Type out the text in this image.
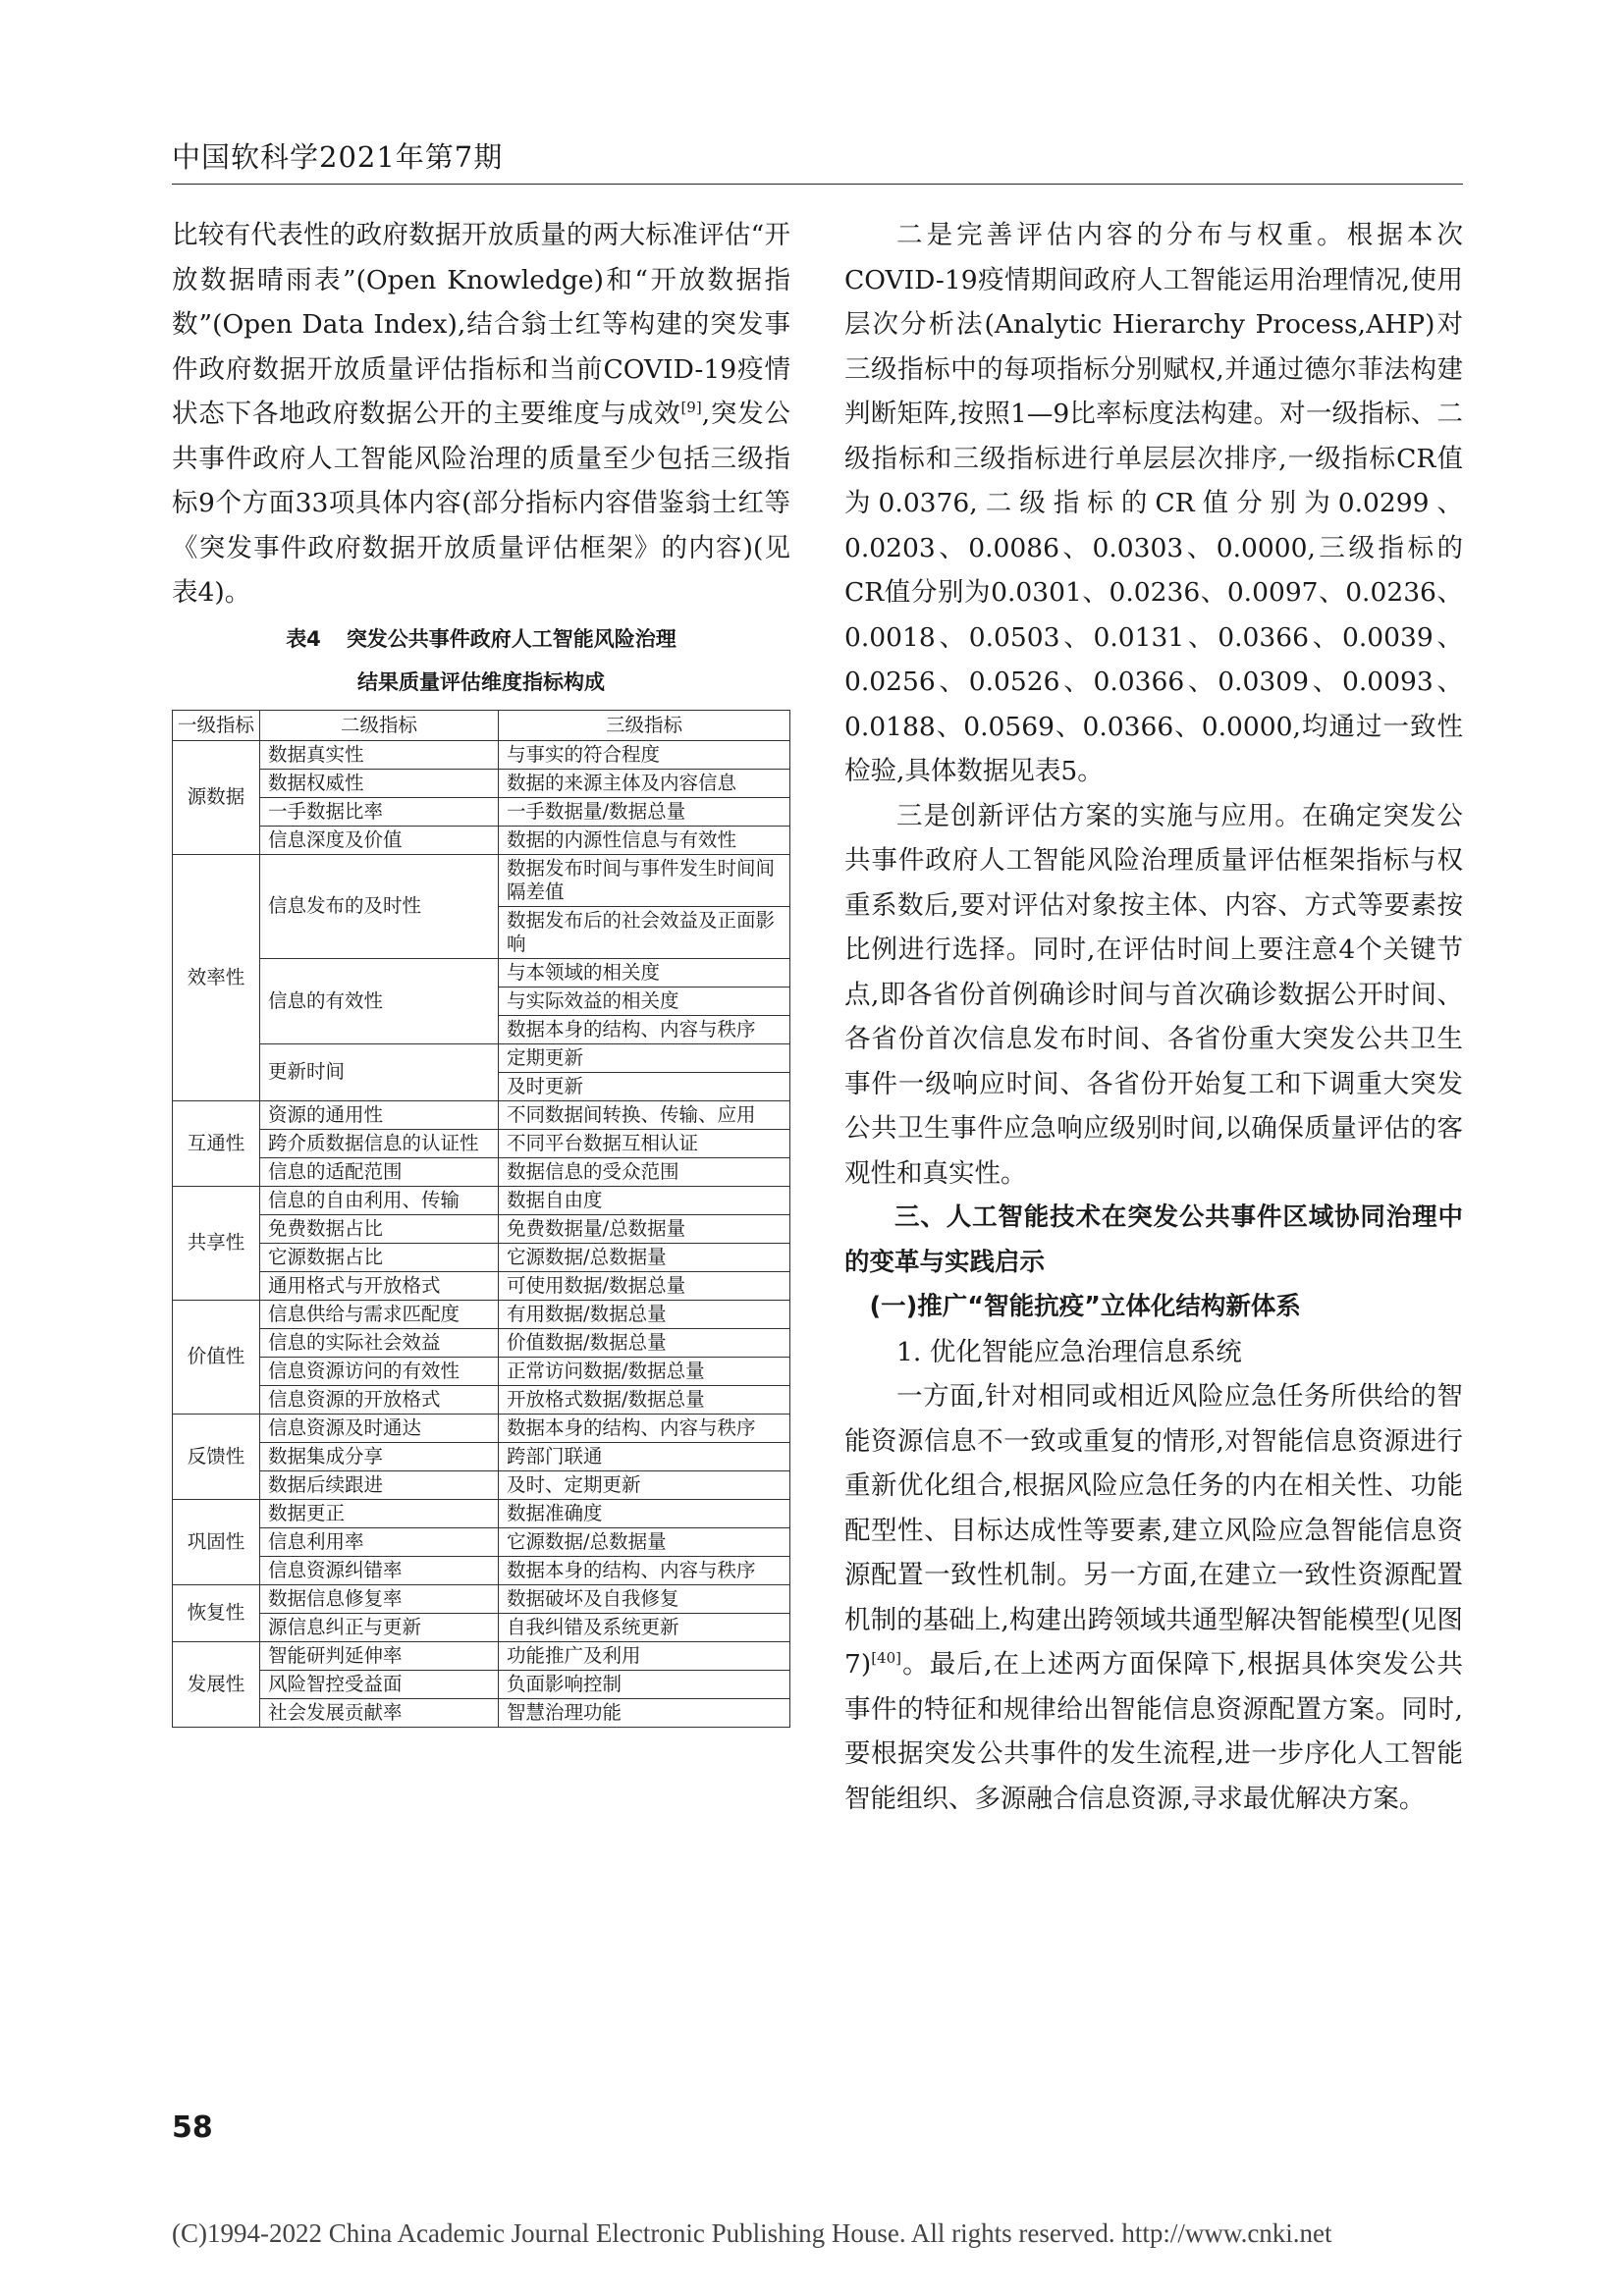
中国软科学2021年第7期

比较有代表性的政府数据开放质量的两大标准评估“开放数据晴雨表”(Open Knowledge)和“开放数据指数”(Open Data Index),结合翁士红等构建的突发事件政府数据开放质量评估指标和当前COVID-19疫情状态下各地政府数据公开的主要维度与成效[9],突发公共事件政府人工智能风险治理的质量至少包括三级指标9个方面33项具体内容(部分指标内容借鉴翁士红等《突发事件政府数据开放质量评估框架》的内容)(见表4)。

表4 突发公共事件政府人工智能风险治理
结果质量评估维度指标构成
一级指标	二级指标	三级指标
源数据	数据真实性	与事实的符合程度
	数据权威性	数据的来源主体及内容信息
	一手数据比率	一手数据量/数据总量
	信息深度及价值	数据的内源性信息与有效性
效率性	信息发布的及时性	数据发布时间与事件发生时间间隔差值
		数据发布后的社会效益及正面影响
	信息的有效性	与本领域的相关度
		与实际效益的相关度
		数据本身的结构、内容与秩序
	更新时间	定期更新
		及时更新
互通性	资源的通用性	不同数据间转换、传输、应用
	跨介质数据信息的认证性	不同平台数据互相认证
	信息的适配范围	数据信息的受众范围
共享性	信息的自由利用、传输	数据自由度
	免费数据占比	免费数据量/总数据量
	它源数据占比	它源数据/总数据量
	通用格式与开放格式	可使用数据/数据总量
价值性	信息供给与需求匹配度	有用数据/数据总量
	信息的实际社会效益	价值数据/数据总量
	信息资源访问的有效性	正常访问数据/数据总量
	信息资源的开放格式	开放格式数据/数据总量
反馈性	信息资源及时通达	数据本身的结构、内容与秩序
	数据集成分享	跨部门联通
	数据后续跟进	及时、定期更新
巩固性	数据更正	数据准确度
	信息利用率	它源数据/总数据量
	信息资源纠错率	数据本身的结构、内容与秩序
恢复性	数据信息修复率	数据破坏及自我修复
	源信息纠正与更新	自我纠错及系统更新
发展性	智能研判延伸率	功能推广及利用
	风险智控受益面	负面影响控制
	社会发展贡献率	智慧治理功能

二是完善评估内容的分布与权重。根据本次COVID-19疫情期间政府人工智能运用治理情况,使用层次分析法(Analytic Hierarchy Process,AHP)对三级指标中的每项指标分别赋权,并通过德尔菲法构建判断矩阵,按照1—9比率标度法构建。对一级指标、二级指标和三级指标进行单层层次排序,一级指标CR值为0.0376,二级指标的CR值分别为0.0299、0.0203、0.0086、0.0303、0.0000,三级指标的CR值分别为0.0301、0.0236、0.0097、0.0236、0.0018、0.0503、0.0131、0.0366、0.0039、0.0256、0.0526、0.0366、0.0309、0.0093、0.0188、0.0569、0.0366、0.0000,均通过一致性检验,具体数据见表5。

三是创新评估方案的实施与应用。在确定突发公共事件政府人工智能风险治理质量评估框架指标与权重系数后,要对评估对象按主体、内容、方式等要素按比例进行选择。同时,在评估时间上要注意4个关键节点,即各省份首例确诊时间与首次确诊数据公开时间、各省份首次信息发布时间、各省份重大突发公共卫生事件一级响应时间、各省份开始复工和下调重大突发公共卫生事件应急响应级别时间,以确保质量评估的客观性和真实性。

三、人工智能技术在突发公共事件区域协同治理中的变革与实践启示

(一)推广“智能抗疫”立体化结构新体系

1. 优化智能应急治理信息系统

一方面,针对相同或相近风险应急任务所供给的智能资源信息不一致或重复的情形,对智能信息资源进行重新优化组合,根据风险应急任务的内在相关性、功能配型性、目标达成性等要素,建立风险应急智能信息资源配置一致性机制。另一方面,在建立一致性资源配置机制的基础上,构建出跨领域共通型解决智能模型(见图7)[40]。最后,在上述两方面保障下,根据具体突发公共事件的特征和规律给出智能信息资源配置方案。同时,要根据突发公共事件的发生流程,进一步序化人工智能智能组织、多源融合信息资源,寻求最优解决方案。

58
(C)1994-2022 China Academic Journal Electronic Publishing House. All rights reserved. http://www.cnki.net
